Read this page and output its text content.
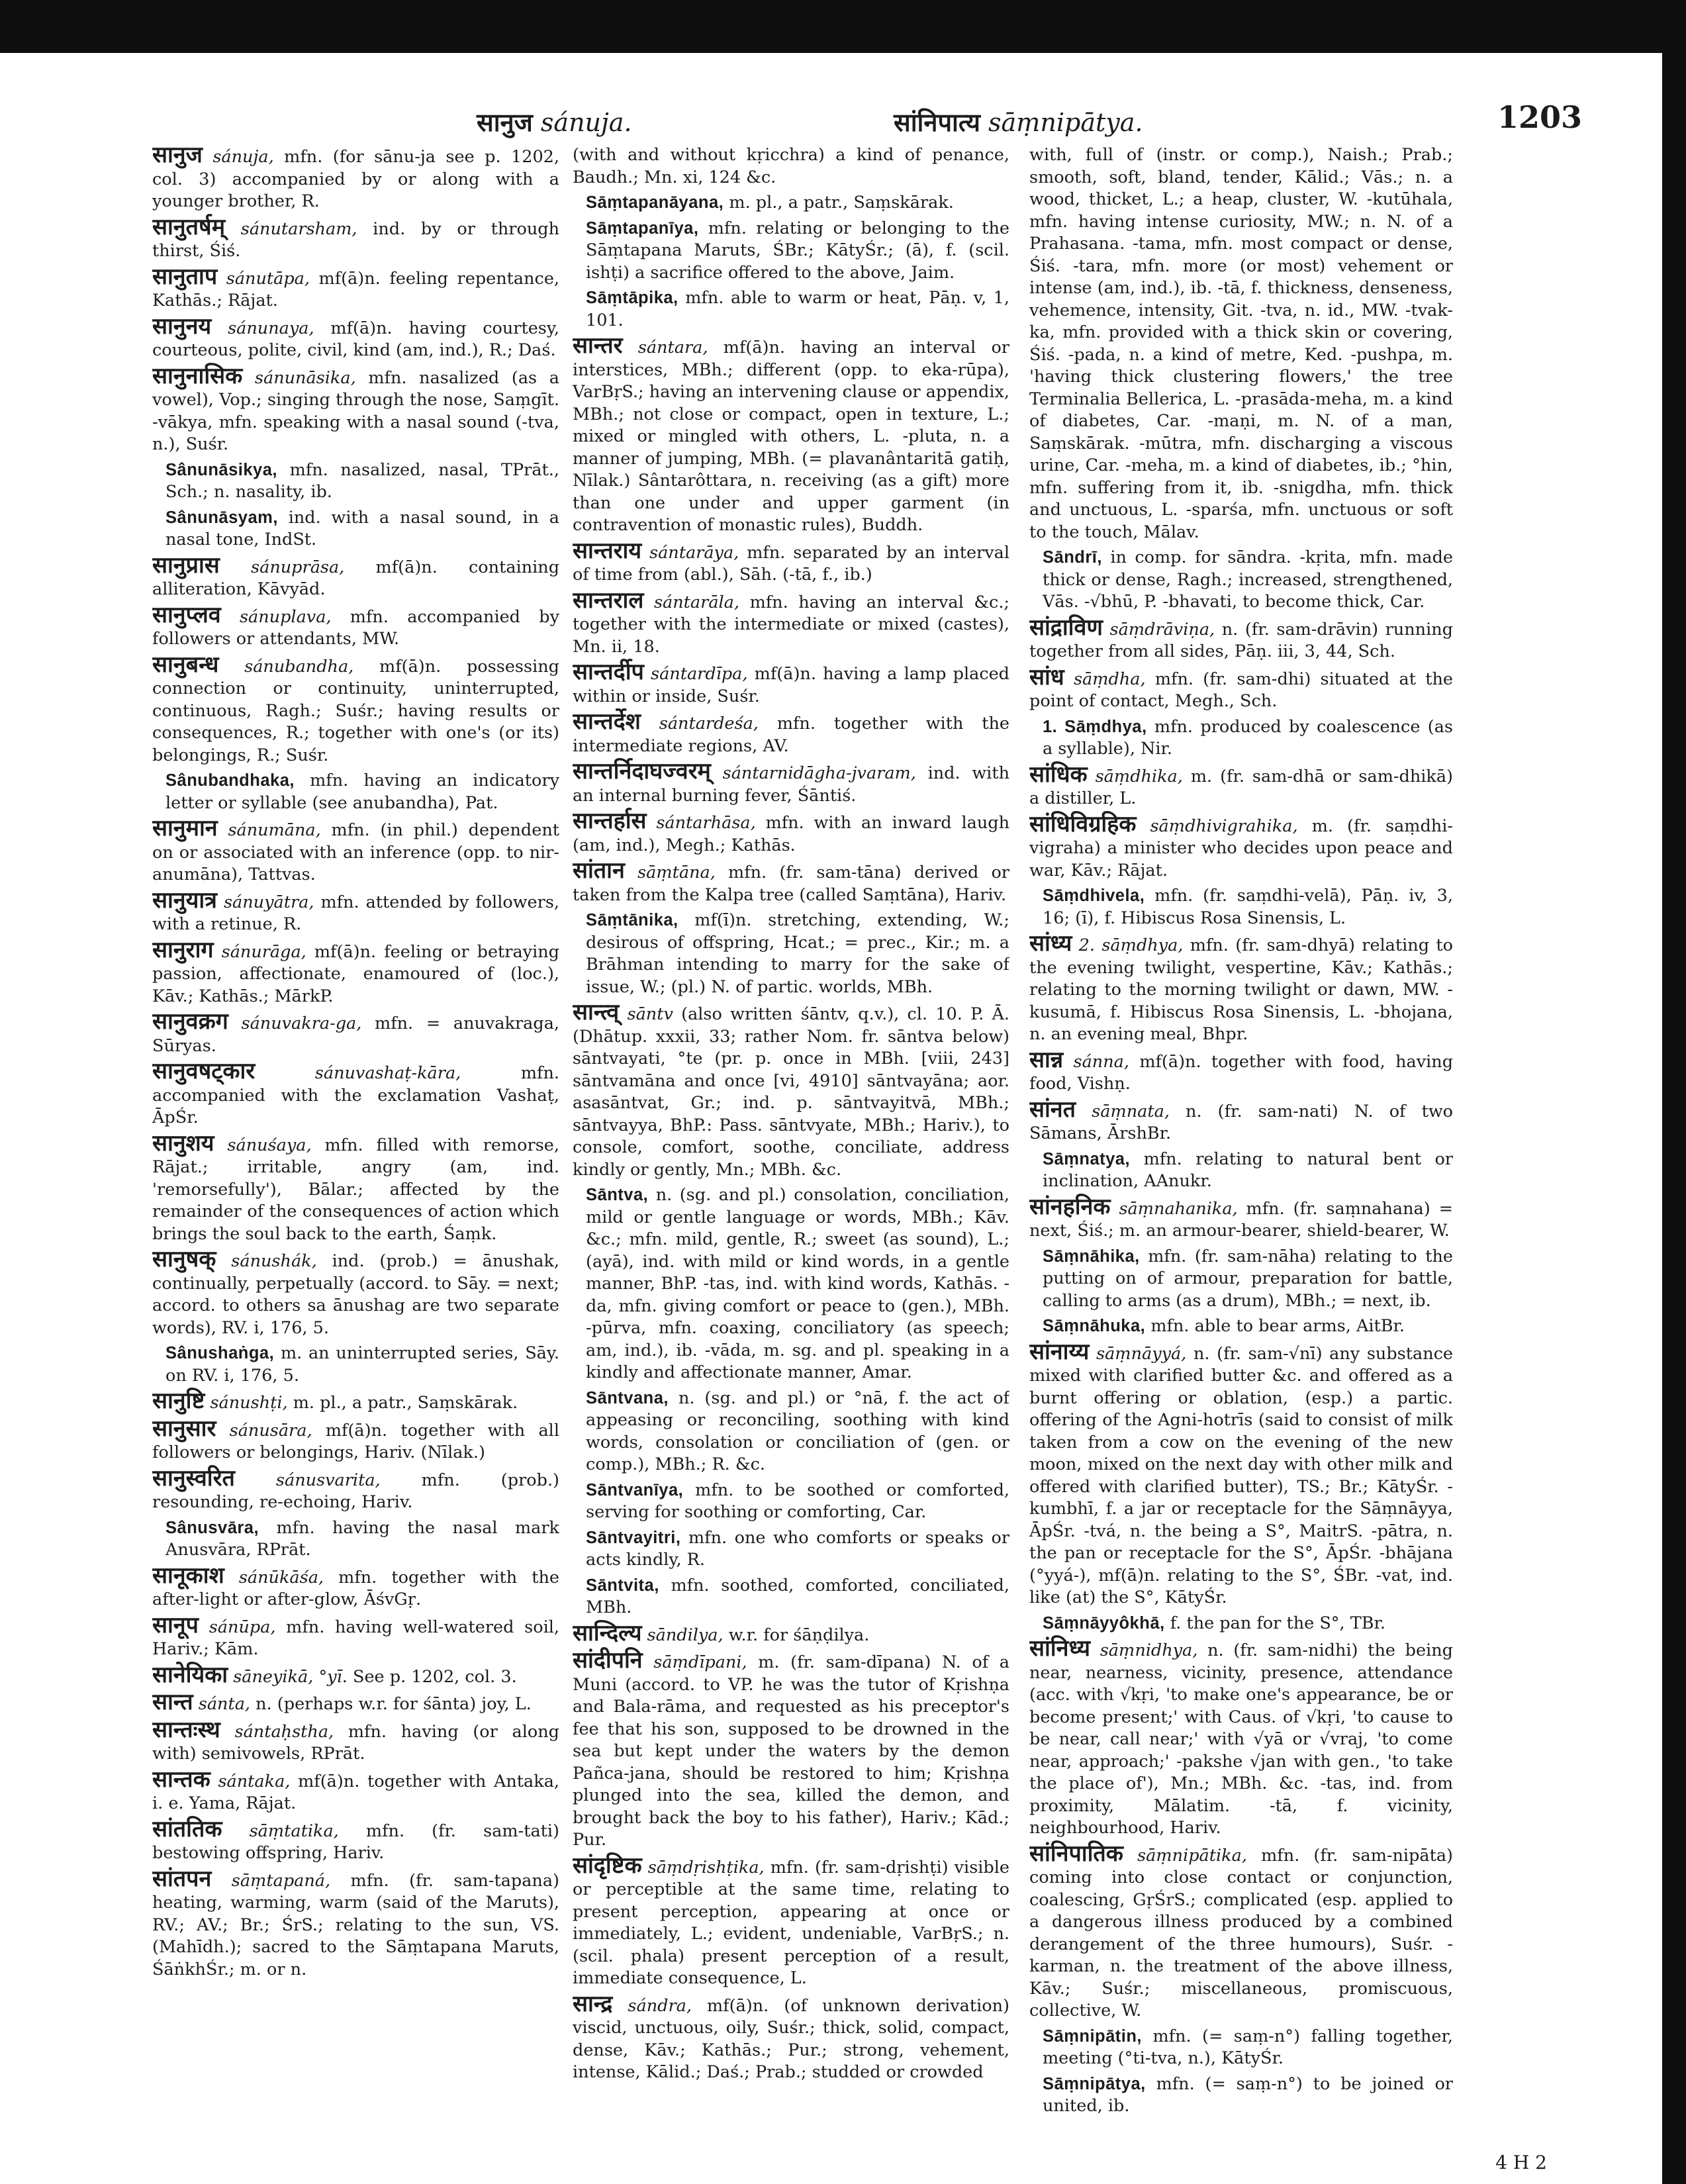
सानुज sánuja.	सांनिपात्य sāṃnipātya.	1203
सानुज sánuja, mfn. (for sānu-ja see p. 1202, col. 3) accompanied by or along with a younger brother, R.
सानुतर्षम् sánutarsham, ind. by or through thirst, Śiś.
सानुताप sánutāpa, mf(ā)n. feeling repentance, Kathās.; Rājat.
सानुनय sánunaya, mf(ā)n. having courtesy, courteous, polite, civil, kind (am, ind.), R.; Daś.
सानुनासिक sánunāsika, mfn. nasalized (as a vowel), Vop.; singing through the nose, Saṃgīt. -vākya, mfn. speaking with a nasal sound (-tva, n.), Suśr.
Sânunāsikya, mfn. nasalized, nasal, TPrāt., Sch.; n. nasality, ib.
Sânunāsyam, ind. with a nasal sound, in a nasal tone, IndSt.
सानुप्रास sánuprāsa, mf(ā)n. containing alliteration, Kāvyād.
सानुप्लव sánuplava, mfn. accompanied by followers or attendants, MW.
सानुबन्ध sánubandha, mf(ā)n. possessing connection or continuity, uninterrupted, continuous, Ragh.; Suśr.; having results or consequences, R.; together with one's (or its) belongings, R.; Suśr.
Sânubandhaka, mfn. having an indicatory letter or syllable (see anubandha), Pat.
सानुमान sánumāna, mfn. (in phil.) dependent on or associated with an inference (opp. to nir-anumāna), Tattvas.
सानुयात्र sánuyātra, mfn. attended by followers, with a retinue, R.
सानुराग sánurāga, mf(ā)n. feeling or betraying passion, affectionate, enamoured of (loc.), Kāv.; Kathās.; MārkP.
सानुवक्रग sánuvakra-ga, mfn. = anuvakraga, Sūryas.
सानुवषट्कार	sánuvashaṭ-kāra,	mfn. accompanied with the exclamation Vashaṭ, ĀpŚr.
सानुशय sánuśaya, mfn. filled with remorse, Rājat.; irritable, angry (am, ind. 'remorsefully'), Bālar.; affected by the remainder of the consequences of action which brings the soul back to the earth, Śaṃk.
सानुषक् sánushák, ind. (prob.) = ānushak, continually, perpetually (accord. to Sāy. = next; accord. to others sa ānushag are two separate words), RV. i, 176, 5.
Sânushaṅga, m. an uninterrupted series, Sāy. on RV. i, 176, 5.
सानुष्टि sánushṭi, m. pl., a patr., Saṃskārak.
सानुसार sánusāra, mf(ā)n. together with all followers or belongings, Hariv. (Nīlak.)
सानुस्वरित sánusvarita, mfn. (prob.) resounding, re-echoing, Hariv.
Sânusvāra, mfn. having the nasal mark Anusvāra, RPrāt.
सानूकाश sánūkāśa, mfn. together with the after-light or after-glow, ĀśvGṛ.
सानूप sánūpa, mfn. having well-watered soil, Hariv.; Kām.
सानेयिका sāneyikā, °yī. See p. 1202, col. 3.
सान्त sánta, n. (perhaps w.r. for śānta) joy, L.
सान्तःस्थ sántaḥstha, mfn. having (or along with) semivowels, RPrāt.
सान्तक sántaka, mf(ā)n. together with Antaka, i. e. Yama, Rājat.
सांततिक sāṃtatika, mfn. (fr. sam-tati) bestowing offspring, Hariv.
सांतपन sāṃtapaná, mfn. (fr. sam-tapana) heating, warming, warm (said of the Maruts), RV.; AV.; Br.; ŚrS.; relating to the sun, VS. (Mahīdh.); sacred to the Sāṃtapana Maruts, ŚāṅkhŚr.; m. or n.
(with and without kṛicchra) a kind of penance, Baudh.; Mn. xi, 124 &c.
Sāṃtapanāyana, m. pl., a patr., Saṃskārak.
Sāṃtapanīya, mfn. relating or belonging to the Sāṃtapana Maruts, ŚBr.; KātyŚr.; (ā), f. (scil. ishṭi) a sacrifice offered to the above, Jaim.
Sāṃtāpika, mfn. able to warm or heat, Pāṇ. v, 1, 101.
सान्तर sántara, mf(ā)n. having an interval or interstices, MBh.; different (opp. to eka-rūpa), VarBṛS.; having an intervening clause or appendix, MBh.; not close or compact, open in texture, L.; mixed or mingled with others, L. -pluta, n. a manner of jumping, MBh. (= plavanântaritā gatiḥ, Nīlak.) Sântarôttara, n. receiving (as a gift) more than one under and upper garment (in contravention of monastic rules), Buddh.
सान्तराय sántarāya, mfn. separated by an interval of time from (abl.), Sāh. (-tā, f., ib.)
सान्तराल sántarāla, mfn. having an interval &c.; together with the intermediate or mixed (castes), Mn. ii, 18.
सान्तर्दीप sántardīpa, mf(ā)n. having a lamp placed within or inside, Suśr.
सान्तर्देश sántardeśa, mfn. together with the intermediate regions, AV.
सान्तर्निदाघज्वरम् sántarnidāgha-jvaram, ind. with an internal burning fever, Śāntiś.
सान्तर्हास sántarhāsa, mfn. with an inward laugh (am, ind.), Megh.; Kathās.
सांतान sāṃtāna, mfn. (fr. sam-tāna) derived or taken from the Kalpa tree (called Saṃtāna), Hariv.
Sāṃtānika, mf(ī)n. stretching, extending, W.; desirous of offspring, Hcat.; = prec., Kir.; m. a Brāhman intending to marry for the sake of issue, W.; (pl.) N. of partic. worlds, MBh.
सान्त्व् sāntv (also written śāntv, q.v.), cl. 10. P. Ā. (Dhātup. xxxii, 33; rather Nom. fr. sāntva below) sāntvayati, °te (pr. p. once in MBh. [viii, 243] sāntvamāna and once [vi, 4910] sāntvayāna; aor. asasāntvat, Gr.; ind. p. sāntvayitvā, MBh.; sāntvayya, BhP.: Pass. sāntvyate, MBh.; Hariv.), to console, comfort, soothe, conciliate, address kindly or gently, Mn.; MBh. &c.
Sāntva, n. (sg. and pl.) consolation, conciliation, mild or gentle language or words, MBh.; Kāv. &c.; mfn. mild, gentle, R.; sweet (as sound), L.; (ayā), ind. with mild or kind words, in a gentle manner, BhP. -tas, ind. with kind words, Kathās. -da, mfn. giving comfort or peace to (gen.), MBh. -pūrva, mfn. coaxing, conciliatory (as speech; am, ind.), ib. -vāda, m. sg. and pl. speaking in a kindly and affectionate manner, Amar.
Sāntvana, n. (sg. and pl.) or °nā, f. the act of appeasing or reconciling, soothing with kind words, consolation or conciliation of (gen. or comp.), MBh.; R. &c.
Sāntvanīya, mfn. to be soothed or comforted, serving for soothing or comforting, Car.
Sāntvayitri, mfn. one who comforts or speaks or acts kindly, R.
Sāntvita, mfn. soothed, comforted, conciliated, MBh.
सान्दिल्य sāndilya, w.r. for śāṇḍilya.
सांदीपनि sāṃdīpani, m. (fr. sam-dīpana) N. of a Muni (accord. to VP. he was the tutor of Kṛishṇa and Bala-rāma, and requested as his preceptor's fee that his son, supposed to be drowned in the sea but kept under the waters by the demon Pañca-jana, should be restored to him; Kṛishṇa plunged into the sea, killed the demon, and brought back the boy to his father), Hariv.; Kād.; Pur.
सांदृष्टिक sāṃdṛishṭika, mfn. (fr. sam-dṛishṭi) visible or perceptible at the same time, relating to present perception, appearing at once or immediately, L.; evident, undeniable, VarBṛS.; n. (scil. phala) present perception of a result, immediate consequence, L.
सान्द्र sándra, mf(ā)n. (of unknown derivation) viscid, unctuous, oily, Suśr.; thick, solid, compact, dense, Kāv.; Kathās.; Pur.; strong, vehement, intense, Kālid.; Daś.; Prab.; studded or crowded
with, full of (instr. or comp.), Naish.; Prab.; smooth, soft, bland, tender, Kālid.; Vās.; n. a wood, thicket, L.; a heap, cluster, W. -kutūhala, mfn. having intense curiosity, MW.; n. N. of a Prahasana. -tama, mfn. most compact or dense, Śiś. -tara, mfn. more (or most) vehement or intense (am, ind.), ib. -tā, f. thickness, denseness, vehemence, intensity, Git. -tva, n. id., MW. -tvak-ka, mfn. provided with a thick skin or covering, Śiś. -pada, n. a kind of metre, Ked. -pushpa, m. 'having thick clustering flowers,' the tree Terminalia Bellerica, L. -prasāda-meha, m. a kind of diabetes, Car. -maṇi, m. N. of a man, Saṃskārak. -mūtra, mfn. discharging a viscous urine, Car. -meha, m. a kind of diabetes, ib.; °hin, mfn. suffering from it, ib. -snigdha, mfn. thick and unctuous, L. -sparśa, mfn. unctuous or soft to the touch, Mālav.
Sāndrī, in comp. for sāndra. -kṛita, mfn. made thick or dense, Ragh.; increased, strengthened, Vās. -√bhū, P. -bhavati, to become thick, Car.
सांद्राविण sāṃdrāviṇa, n. (fr. sam-drāvin) running together from all sides, Pāṇ. iii, 3, 44, Sch.
सांध sāṃdha, mfn. (fr. sam-dhi) situated at the point of contact, Megh., Sch.
1. Sāṃdhya, mfn. produced by coalescence (as a syllable), Nir.
सांधिक sāṃdhika, m. (fr. sam-dhā or sam-dhikā) a distiller, L.
सांधिविग्रहिक sāṃdhivigrahika, m. (fr. saṃdhi-vigraha) a minister who decides upon peace and war, Kāv.; Rājat.
Sāṃdhivela, mfn. (fr. saṃdhi-velā), Pāṇ. iv, 3, 16; (ī), f. Hibiscus Rosa Sinensis, L.
सांध्य 2. sāṃdhya, mfn. (fr. sam-dhyā) relating to the evening twilight, vespertine, Kāv.; Kathās.; relating to the morning twilight or dawn, MW. -kusumā, f. Hibiscus Rosa Sinensis, L. -bhojana, n. an evening meal, Bhpr.
सान्न sánna, mf(ā)n. together with food, having food, Vishṇ.
सांनत sāṃnata, n. (fr. sam-nati) N. of two Sāmans, ĀrshBr.
Sāṃnatya, mfn. relating to natural bent or inclination, AAnukr.
सांनहनिक sāṃnahanika, mfn. (fr. saṃnahana) = next, Śiś.; m. an armour-bearer, shield-bearer, W.
Sāṃnāhika, mfn. (fr. sam-nāha) relating to the putting on of armour, preparation for battle, calling to arms (as a drum), MBh.; = next, ib.
Sāṃnāhuka, mfn. able to bear arms, AitBr.
सांनाय्य sāṃnāyyá, n. (fr. sam-√nī) any substance mixed with clarified butter &c. and offered as a burnt offering or oblation, (esp.) a partic. offering of the Agni-hotrīs (said to consist of milk taken from a cow on the evening of the new moon, mixed on the next day with other milk and offered with clarified butter), TS.; Br.; KātyŚr. -kumbhī, f. a jar or receptacle for the Sāṃnāyya, ĀpŚr. -tvá, n. the being a S°, MaitrS. -pātra, n. the pan or receptacle for the S°, ĀpŚr. -bhājana (°yyá-), mf(ā)n. relating to the S°, ŚBr. -vat, ind. like (at) the S°, KātyŚr.
Sāṃnāyyôkhā, f. the pan for the S°, TBr.
सांनिध्य sāṃnidhya, n. (fr. sam-nidhi) the being near, nearness, vicinity, presence, attendance (acc. with √kṛi, 'to make one's appearance, be or become present;' with Caus. of √kṛi, 'to cause to be near, call near;' with √yā or √vraj, 'to come near, approach;' -pakshe √jan with gen., 'to take the place of'), Mn.; MBh. &c. -tas, ind. from proximity, Mālatim. -tā, f. vicinity, neighbourhood, Hariv.
सांनिपातिक sāṃnipātika, mfn. (fr. sam-nipāta) coming into close contact or conjunction, coalescing, GṛŚrS.; complicated (esp. applied to a dangerous illness produced by a combined derangement of the three humours), Suśr. -karman, n. the treatment of the above illness, Kāv.; Suśr.; miscellaneous, promiscuous, collective, W.
Sāṃnipātin, mfn. (= saṃ-n°) falling together, meeting (°ti-tva, n.), KātyŚr.
Sāṃnipātya, mfn. (= saṃ-n°) to be joined or united, ib.
4 H 2
